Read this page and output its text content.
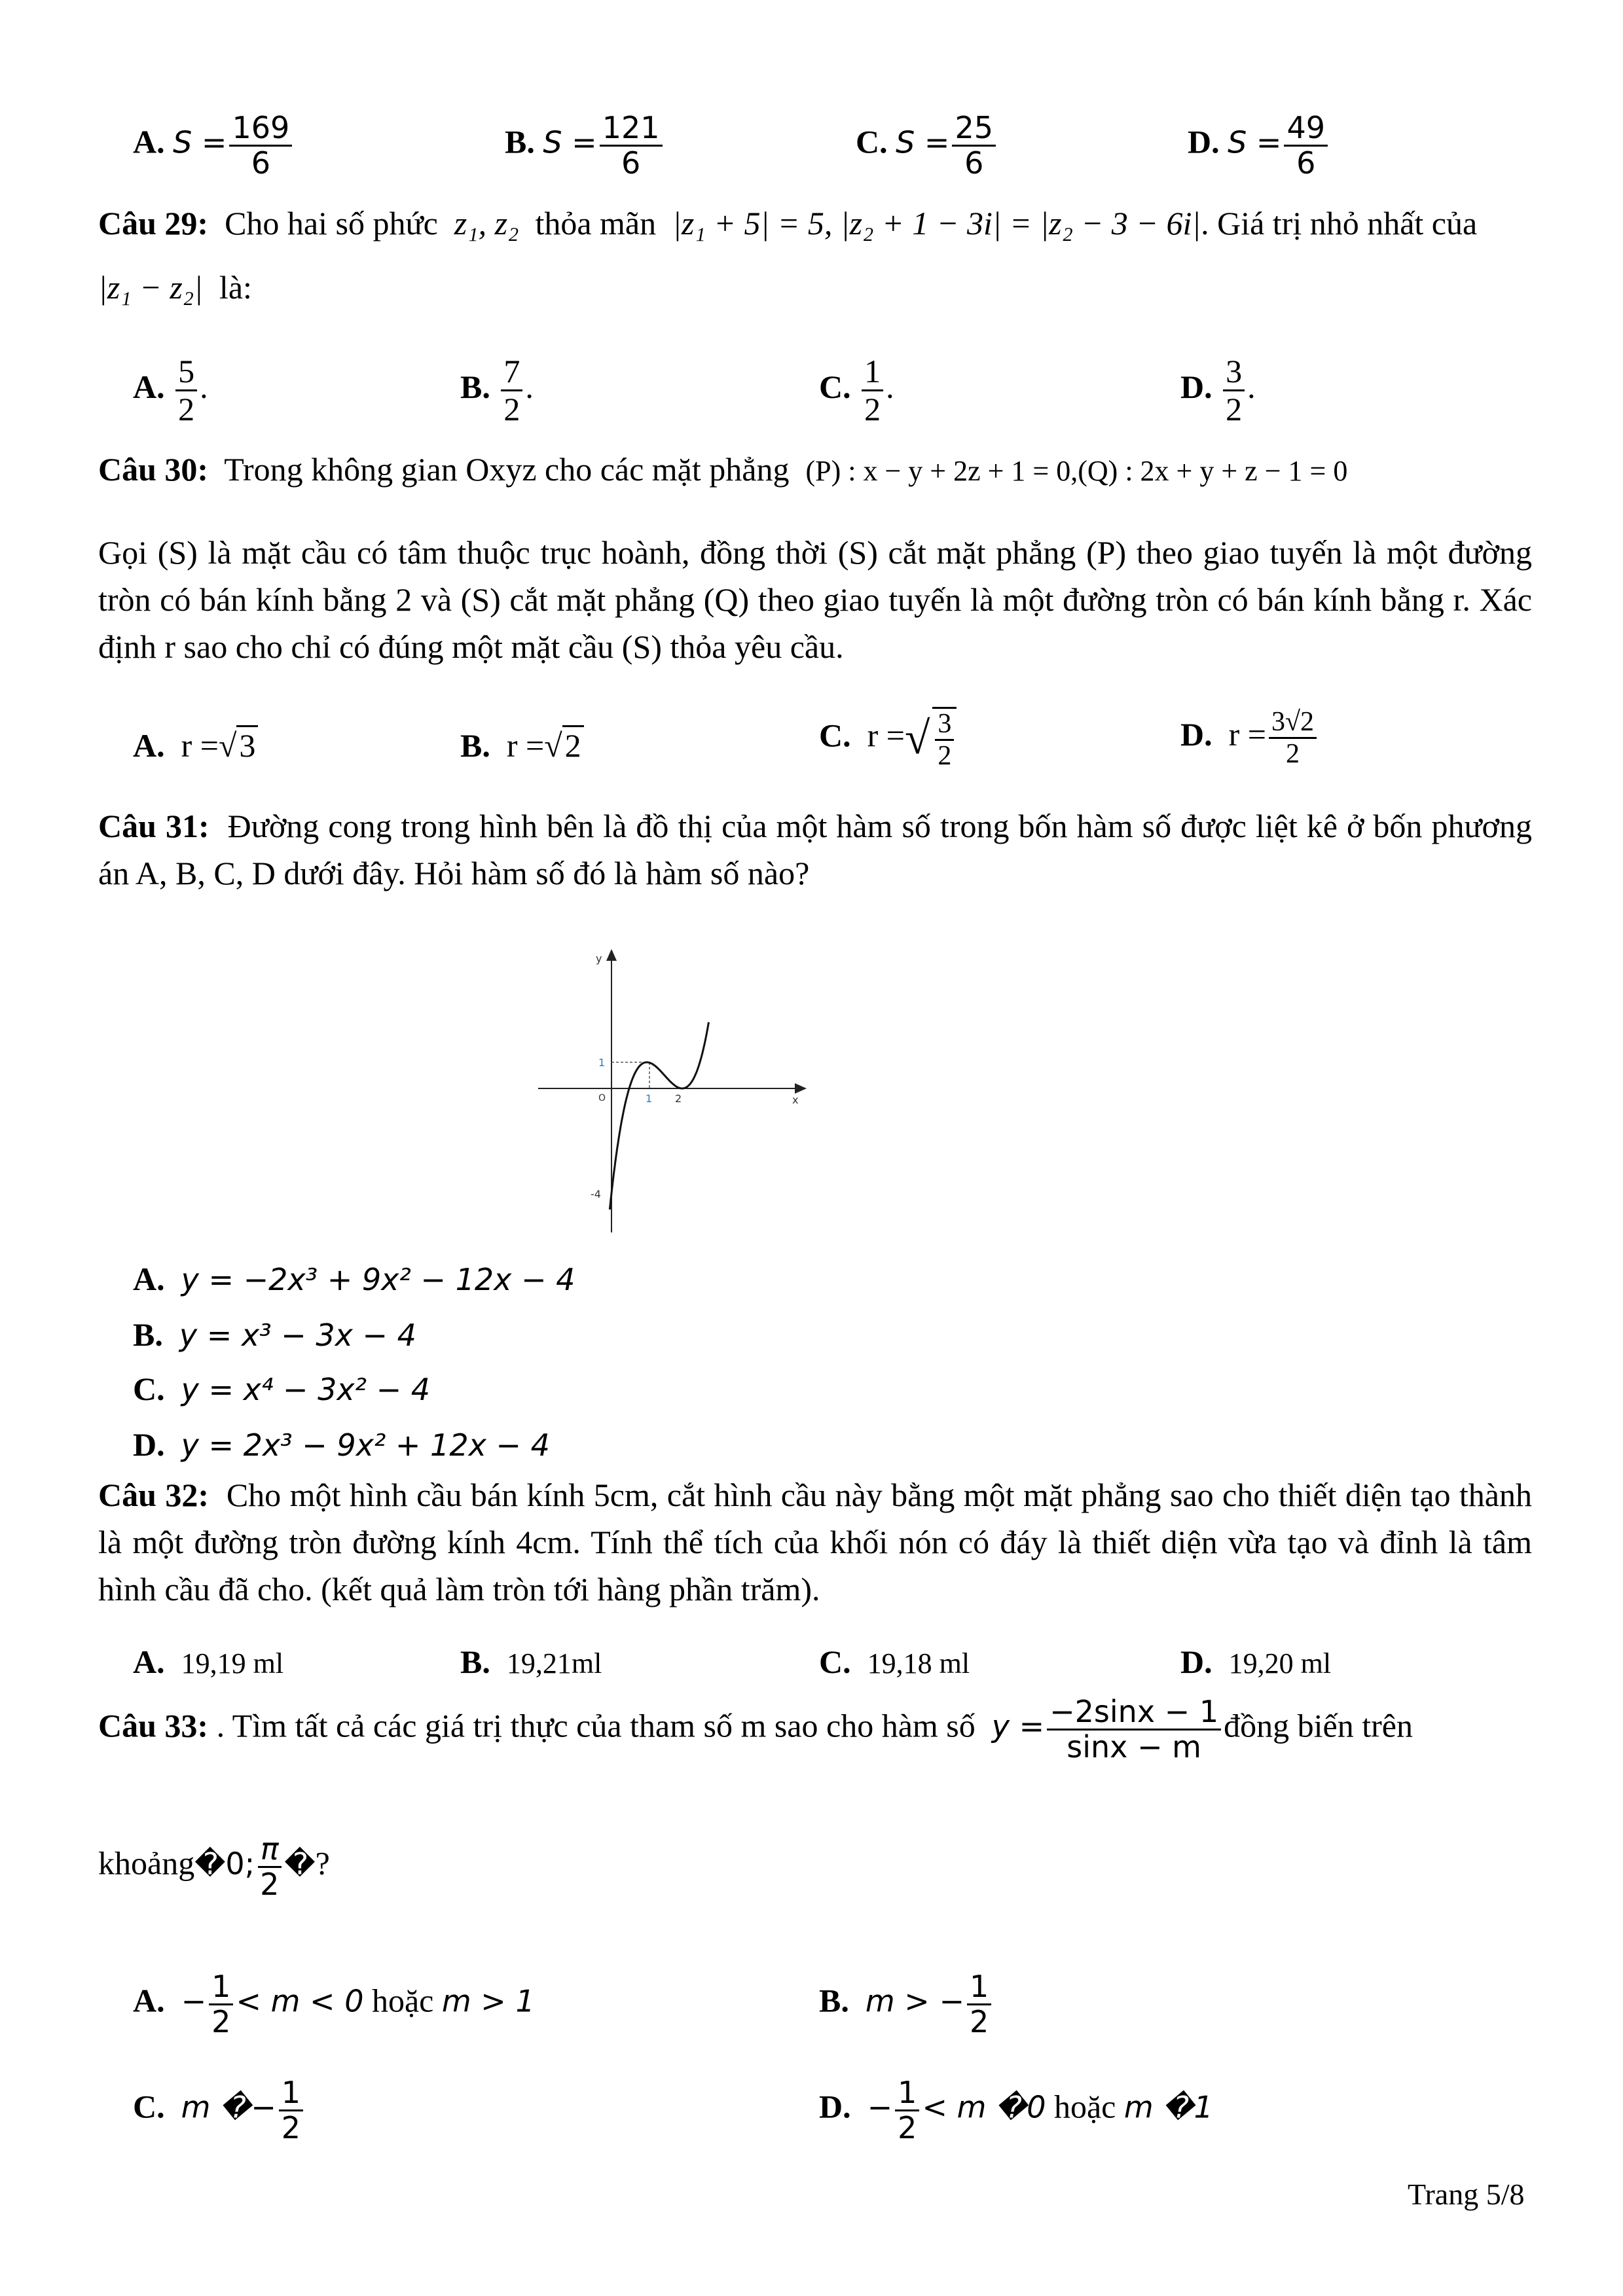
A. $S = \frac{169}{6}$	B. $S = \frac{121}{6}$	C. $S = \frac{25}{6}$	D. $S = \frac{49}{6}$
Câu 29: Cho hai số phức z₁, z₂ thỏa mãn |z₁ + 5| = 5, |z₂ + 1 − 3i| = |z₂ − 3 − 6i|. Giá trị nhỏ nhất của
|z₁ − z₂| là:
A. $\frac{5}{2}$ .	B. $\frac{7}{2}$ .	C. $\frac{1}{2}$ .	D. $\frac{3}{2}$ .
Câu 30: Trong không gian Oxyz cho các mặt phẳng (P) : x − y + 2z + 1 = 0,(Q) : 2x + y + z − 1 = 0
Gọi (S) là mặt cầu có tâm thuộc trục hoành, đồng thời (S) cắt mặt phẳng (P) theo giao tuyến là một đường tròn có bán kính bằng 2 và (S) cắt mặt phẳng (Q) theo giao tuyến là một đường tròn có bán kính bằng r. Xác định r sao cho chỉ có đúng một mặt cầu (S) thỏa yêu cầu.
A. r =√3	B. r =√2	C. r =√ $\frac{3}{2}$	D. $r = \frac{3√2}{2}$
Câu 31: Đường cong trong hình bên là đồ thị của một hàm số trong bốn hàm số được liệt kê ở bốn phương án A, B, C, D dưới đây. Hỏi hàm số đó là hàm số nào?
y
x
O	1 2
1
-4
A. y = −2x³ + 9x² − 12x − 4
B. y = x³ − 3x − 4
C. y = x⁴ − 3x² − 4
D. y = 2x³ − 9x² + 12x − 4
Câu 32: Cho một hình cầu bán kính 5cm, cắt hình cầu này bằng một mặt phẳng sao cho thiết diện tạo thành là một đường tròn đường kính 4cm. Tính thể tích của khối nón có đáy là thiết diện vừa tạo và đỉnh là tâm hình cầu đã cho. (kết quả làm tròn tới hàng phần trăm).
A. 19,19 ml	B. 19,21ml	C. 19,18 ml	D. 19,20 ml
Câu 33: . Tìm tất cả các giá trị thực của tham số m sao cho hàm số $y = \frac{-2\sin x - 1}{\sin x - m}$ đồng biến trên
khoảng�0; $\frac{\pi}{2}$ �?
A. − $\frac{1}{2} < m < 0$ hoặc m > 1	B. m > − $\frac{1}{2}$
C. m �− $\frac{1}{2}$	D. − $\frac{1}{2} < m$ �0 hoặc m �1
Trang 5/8
